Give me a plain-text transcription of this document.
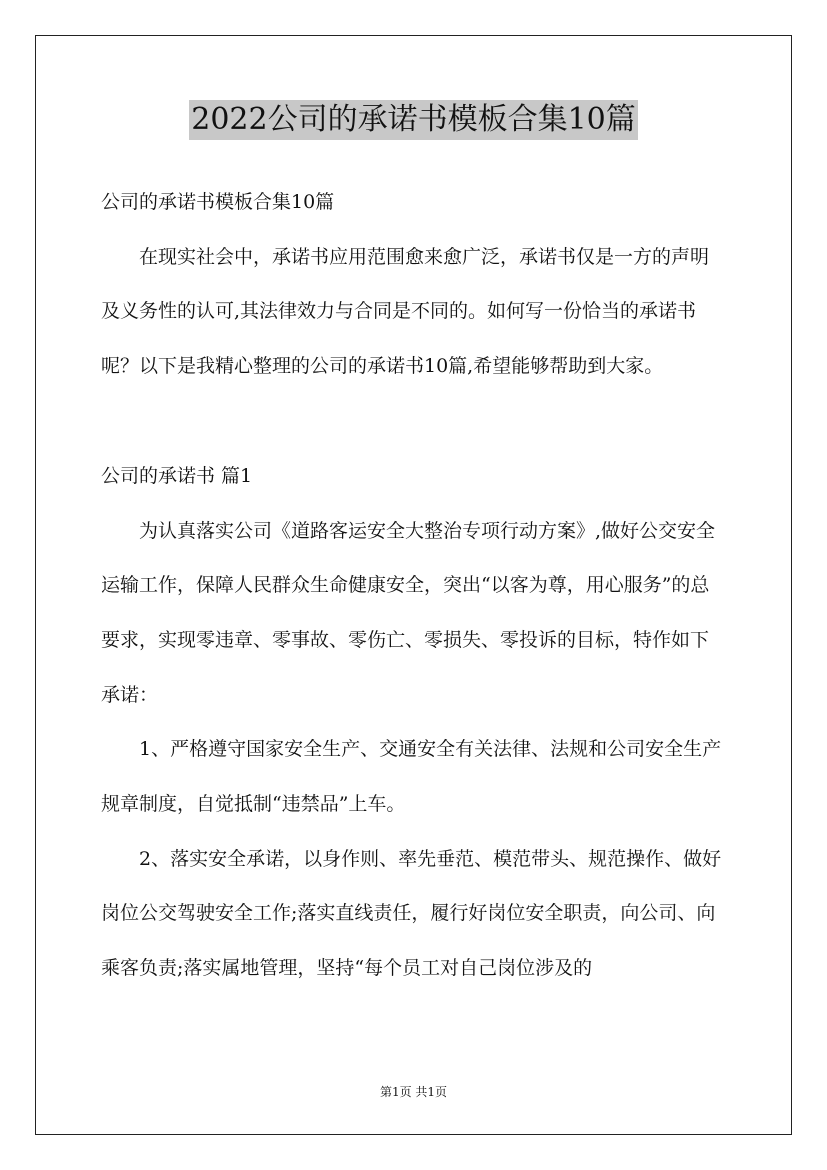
2022公司的承诺书模板合集10篇

公司的承诺书模板合集10篇

在现实社会中，承诺书应用范围愈来愈广泛，承诺书仅是一方的声明及义务性的认可,其法律效力与合同是不同的。如何写一份恰当的承诺书呢？以下是我精心整理的公司的承诺书10篇,希望能够帮助到大家。

公司的承诺书 篇1

为认真落实公司《道路客运安全大整治专项行动方案》,做好公交安全运输工作，保障人民群众生命健康安全，突出“以客为尊，用心服务”的总要求，实现零违章、零事故、零伤亡、零损失、零投诉的目标，特作如下承诺：

1、严格遵守国家安全生产、交通安全有关法律、法规和公司安全生产规章制度，自觉抵制“违禁品”上车。

2、落实安全承诺，以身作则、率先垂范、模范带头、规范操作、做好岗位公交驾驶安全工作;落实直线责任，履行好岗位安全职责，向公司、向乘客负责;落实属地管理，坚持“每个员工对自己岗位涉及的

第1页 共1页
